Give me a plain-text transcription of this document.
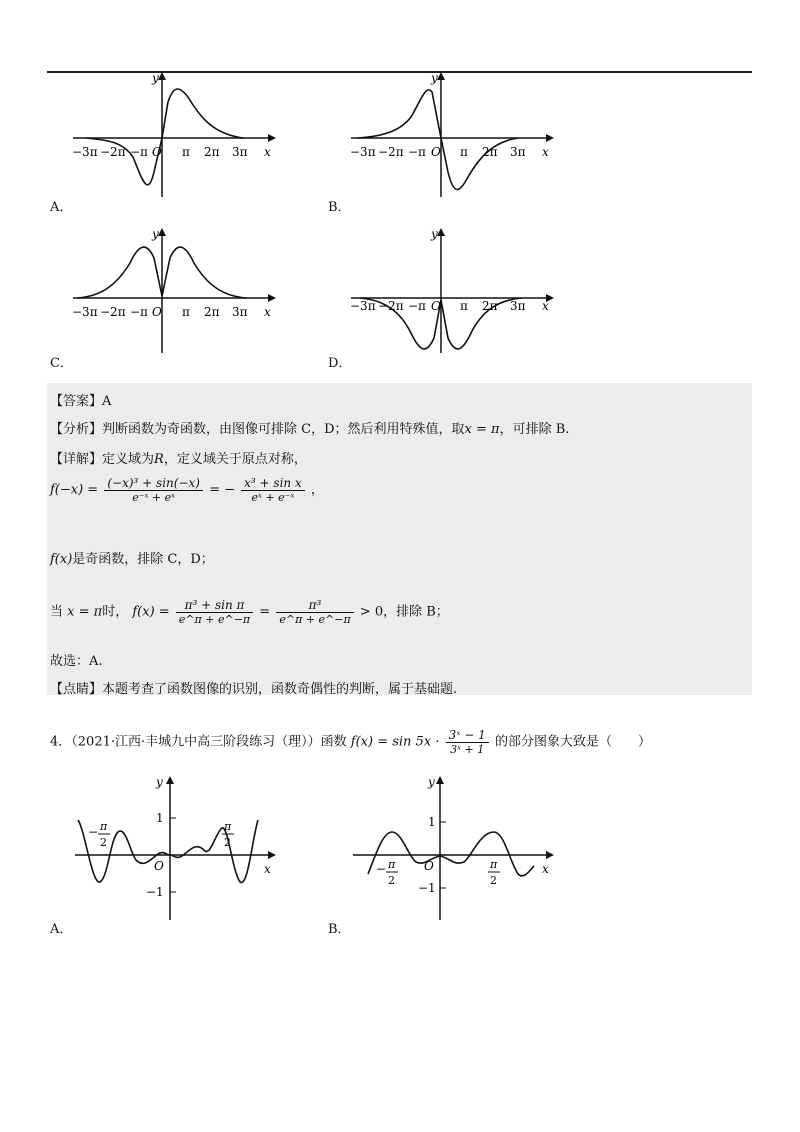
y
x
O
−3π −2π −π	π 2π 3π
A．
y
x
O
−3π −2π −π	π 2π 3π
B．
y
x
O
−3π −2π −π	π 2π 3π
C．
y
x
O
−3π −2π −π	π 2π 3π
D．
【答案】A
【分析】判断函数为奇函数，由图像可排除 C，D；然后利用特殊值，取x = π，可排除 B.
【详解】定义域为R，定义域关于原点对称，
$f(-x) = \frac{\text{(−x)³ + sin(−x)}}{\text{e⁻ˣ + eˣ}}$ = − $\frac{\text{x³ + sin x}}{\text{eˣ + e⁻ˣ}}$ ，
f(x)是奇函数，排除 C，D；
当 x = π时， $f(x) = \frac{\text{π³ + sin π}}{e\^{}\pi + e\^{}-\pi} = \frac{\text{π³}}{e\^{}\pi + e\^{}-\pi} > 0$，排除 B；
故选：A.
【点睛】本题考查了函数图像的识别，函数奇偶性的判断，属于基础题.
4．（2021·江西·丰城九中高三阶段练习（理））函数 $f(x) = \sin 5x \cdot \frac{\text{3ˣ − 1}}{\text{3ˣ + 1}}$ 的部分图象大致是（　　）
y
x
O
1
−1
− π
2
π
2
A．
y
x
O
1
−1
− π
2
π
2
B．
